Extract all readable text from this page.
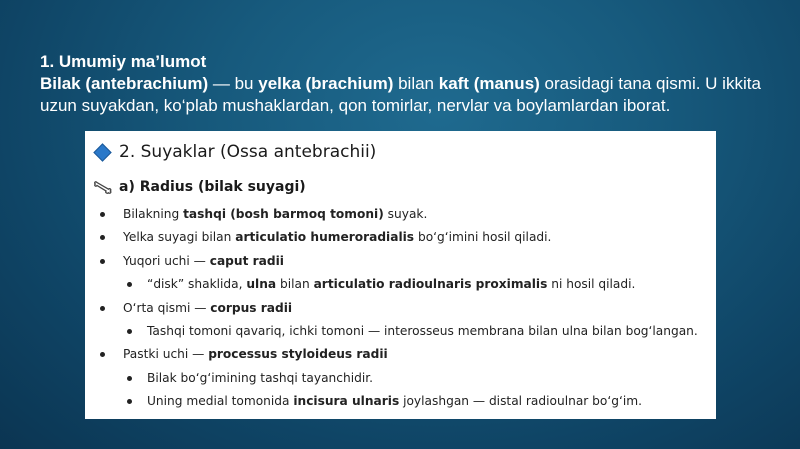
1. Umumiy ma’lumot
Bilak (antebrachium) — bu yelka (brachium) bilan kaft (manus) orasidagi tana qismi. U ikkita uzun suyakdan, ko‘plab mushaklardan, qon tomirlar, nervlar va boylamlardan iborat.
2. Suyaklar (Ossa antebrachii)
a) Radius (bilak suyagi)
Bilakning tashqi (bosh barmoq tomoni) suyak.
Yelka suyagi bilan articulatio humeroradialis bo‘g‘imini hosil qiladi.
Yuqori uchi — caput radii
“disk” shaklida, ulna bilan articulatio radioulnaris proximalis ni hosil qiladi.
O‘rta qismi — corpus radii
Tashqi tomoni qavariq, ichki tomoni — interosseus membrana bilan ulna bilan bog‘langan.
Pastki uchi — processus styloideus radii
Bilak bo‘g‘imining tashqi tayanchidir.
Uning medial tomonida incisura ulnaris joylashgan — distal radioulnar bo‘g‘im.
